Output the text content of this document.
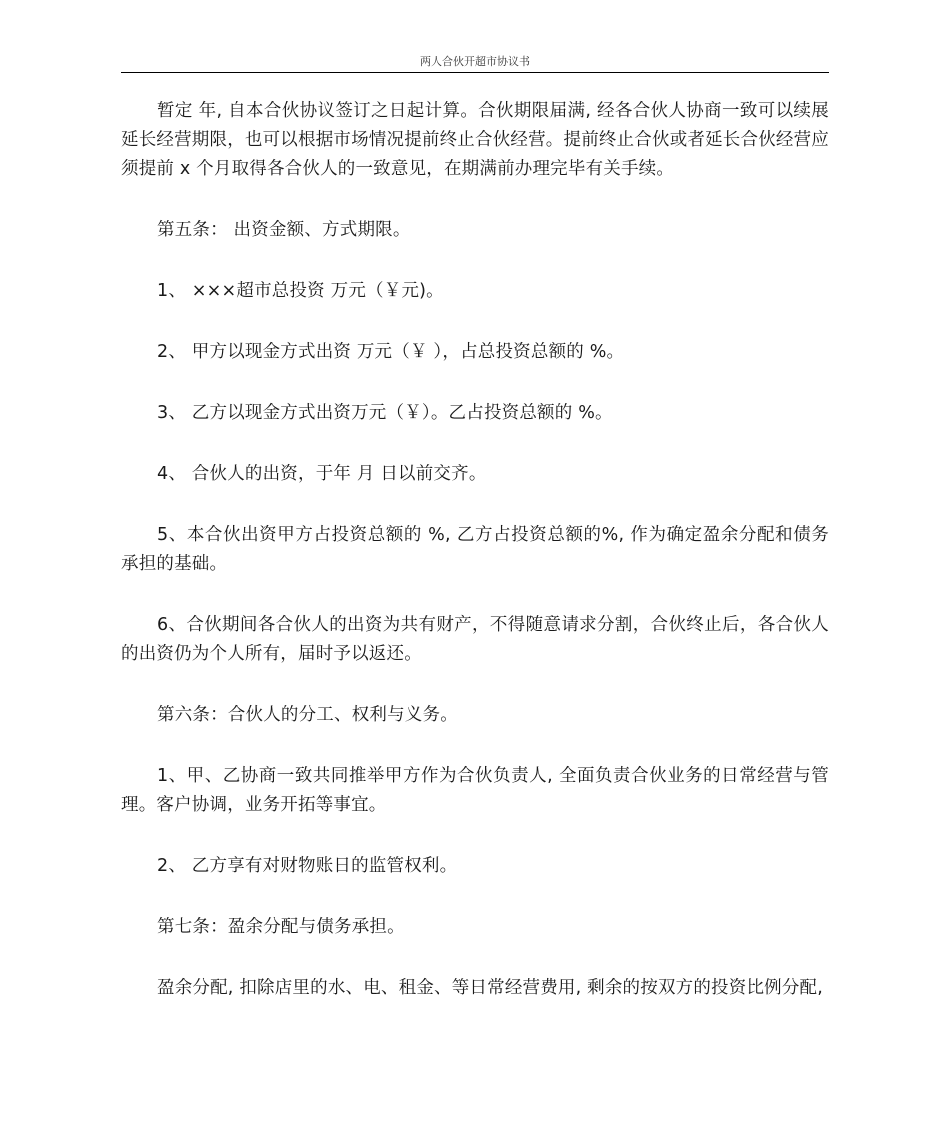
两人合伙开超市协议书

暂定 年, 自本合伙协议签订之日起计算。合伙期限届满, 经各合伙人协商一致可以续展延长经营期限，也可以根据市场情况提前终止合伙经营。提前终止合伙或者延长合伙经营应须提前 x 个月取得各合伙人的一致意见，在期满前办理完毕有关手续。

第五条： 出资金额、方式期限。

1、 ×××超市总投资 万元（￥元)。

2、 甲方以现金方式出资 万元（￥ ），占总投资总额的 %。

3、 乙方以现金方式出资万元（￥）。乙占投资总额的 %。

4、 合伙人的出资，于年 月 日以前交齐。

5、本合伙出资甲方占投资总额的 %, 乙方占投资总额的%, 作为确定盈余分配和债务承担的基础。

6、合伙期间各合伙人的出资为共有财产，不得随意请求分割，合伙终止后，各合伙人的出资仍为个人所有，届时予以返还。

第六条：合伙人的分工、权利与义务。

1、甲、乙协商一致共同推举甲方作为合伙负责人, 全面负责合伙业务的日常经营与管理。客户协调，业务开拓等事宜。

2、 乙方享有对财物账日的监管权利。

第七条：盈余分配与债务承担。

盈余分配, 扣除店里的水、电、租金、等日常经营费用, 剩余的按双方的投资比例分配,
